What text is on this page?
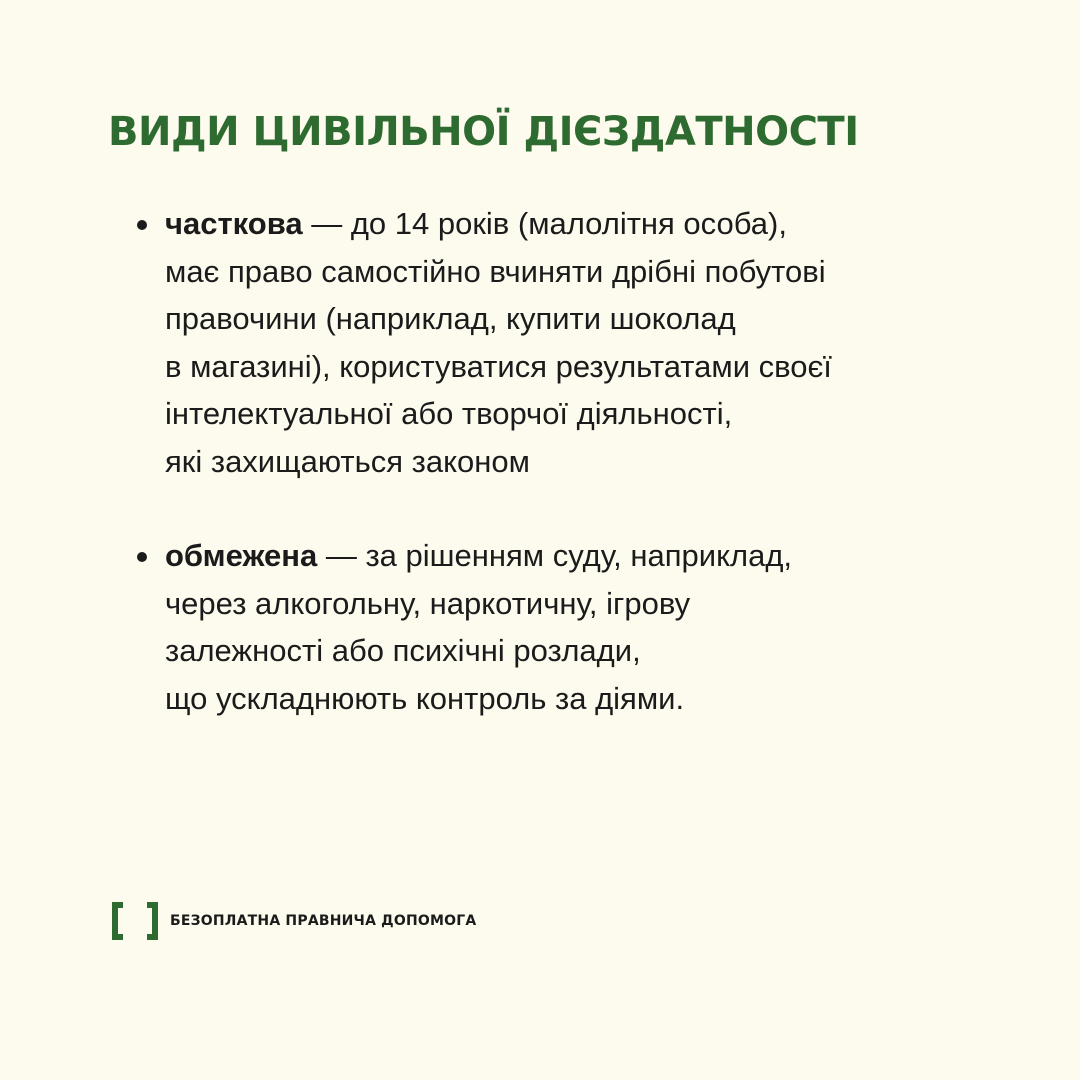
ВИДИ ЦИВІЛЬНОЇ ДІЄЗДАТНОСТІ
часткова — до 14 років (малолітня особа),
має право самостійно вчиняти дрібні побутові
правочини (наприклад, купити шоколад
в магазині), користуватися результатами своєї
інтелектуальної або творчої діяльності,
які захищаються законом
обмежена — за рішенням суду, наприклад,
через алкогольну, наркотичну, ігрову
залежності або психічні розлади,
що ускладнюють контроль за діями.
БЕЗОПЛАТНА ПРАВНИЧА ДОПОМОГА
